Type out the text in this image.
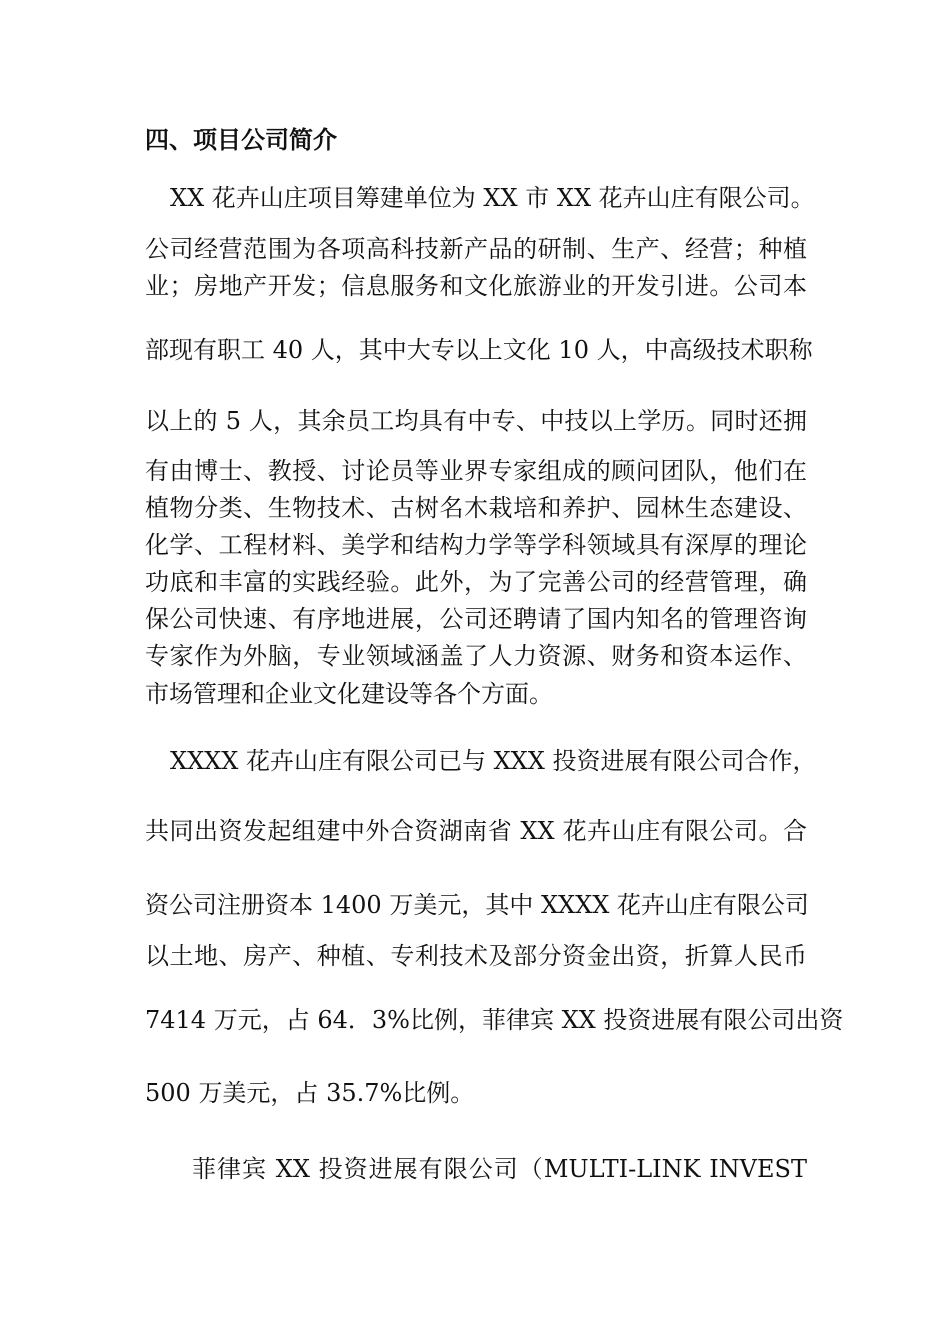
四、项目公司简介
XX 花卉山庄项目筹建单位为 XX 市 XX 花卉山庄有限公司。
公司经营范围为各项高科技新产品的研制、生产、经营；种植
业；房地产开发；信息服务和文化旅游业的开发引进。公司本
部现有职工 40 人，其中大专以上文化 10 人，中高级技术职称
以上的 5 人，其余员工均具有中专、中技以上学历。同时还拥
有由博士、教授、讨论员等业界专家组成的顾问团队，他们在
植物分类、生物技术、古树名木栽培和养护、园林生态建设、
化学、工程材料、美学和结构力学等学科领域具有深厚的理论
功底和丰富的实践经验。此外，为了完善公司的经营管理，确
保公司快速、有序地进展，公司还聘请了国内知名的管理咨询
专家作为外脑，专业领域涵盖了人力资源、财务和资本运作、
市场管理和企业文化建设等各个方面。
XXXX 花卉山庄有限公司已与 XXX 投资进展有限公司合作，
共同出资发起组建中外合资湖南省 XX 花卉山庄有限公司。合
资公司注册资本 1400 万美元，其中 XXXX 花卉山庄有限公司
以土地、房产、种植、专利技术及部分资金出资，折算人民币
7414 万元，占 64．3%比例，菲律宾 XX 投资进展有限公司出资
500 万美元，占 35.7%比例。
菲律宾 XX 投资进展有限公司（MULTI-LINK INVEST
